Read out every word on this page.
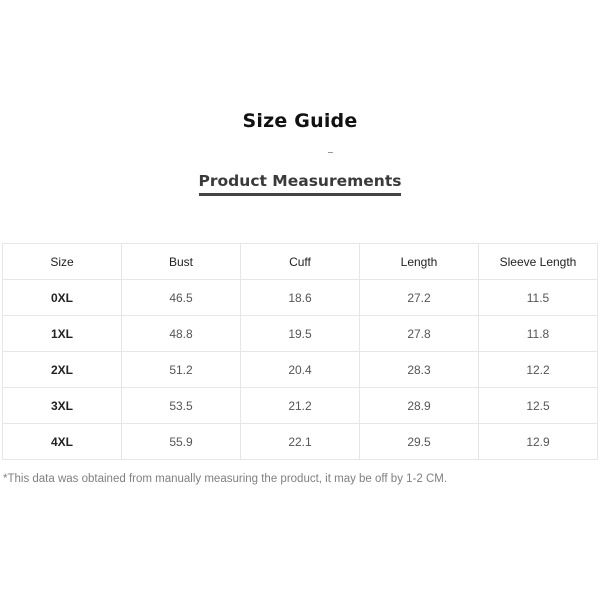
Size Guide
Product Measurements
Size	Bust	Cuff	Length	Sleeve Length
0XL	46.5	18.6	27.2	11.5
1XL	48.8	19.5	27.8	11.8
2XL	51.2	20.4	28.3	12.2
3XL	53.5	21.2	28.9	12.5
4XL	55.9	22.1	29.5	12.9
*This data was obtained from manually measuring the product, it may be off by 1-2 CM.
